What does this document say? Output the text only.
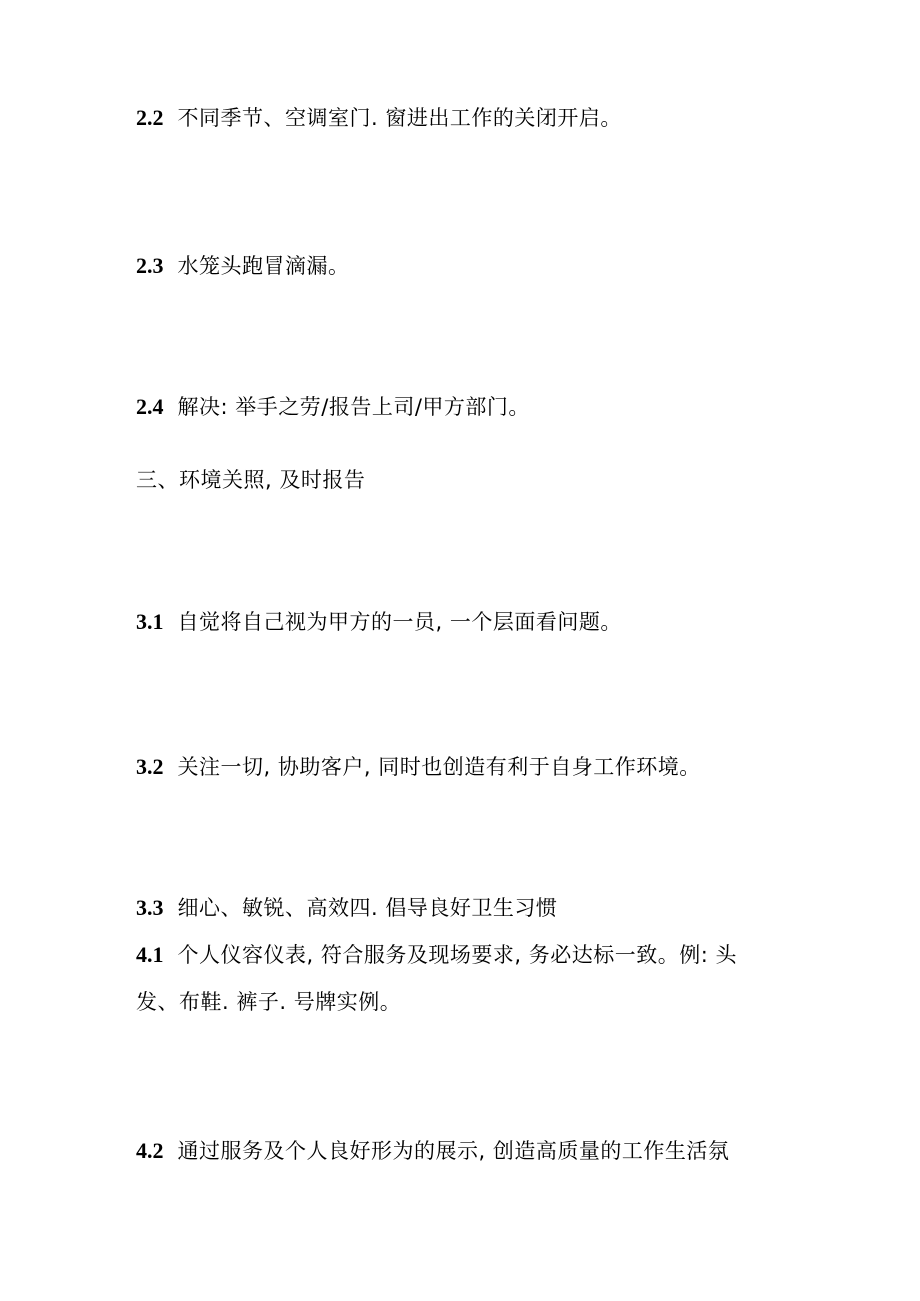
2.2 不同季节、空调室门. 窗进出工作的关闭开启。
2.3 水笼头跑冒滴漏。
2.4 解决: 举手之劳/报告上司/甲方部门。
三、环境关照, 及时报告
3.1 自觉将自己视为甲方的一员, 一个层面看问题。
3.2 关注一切, 协助客户, 同时也创造有利于自身工作环境。
3.3 细心、敏锐、高效四. 倡导良好卫生习惯
4.1 个人仪容仪表, 符合服务及现场要求, 务必达标一致。例: 头
发、布鞋. 裤子. 号牌实例。
4.2 通过服务及个人良好形为的展示, 创造高质量的工作生活氛
